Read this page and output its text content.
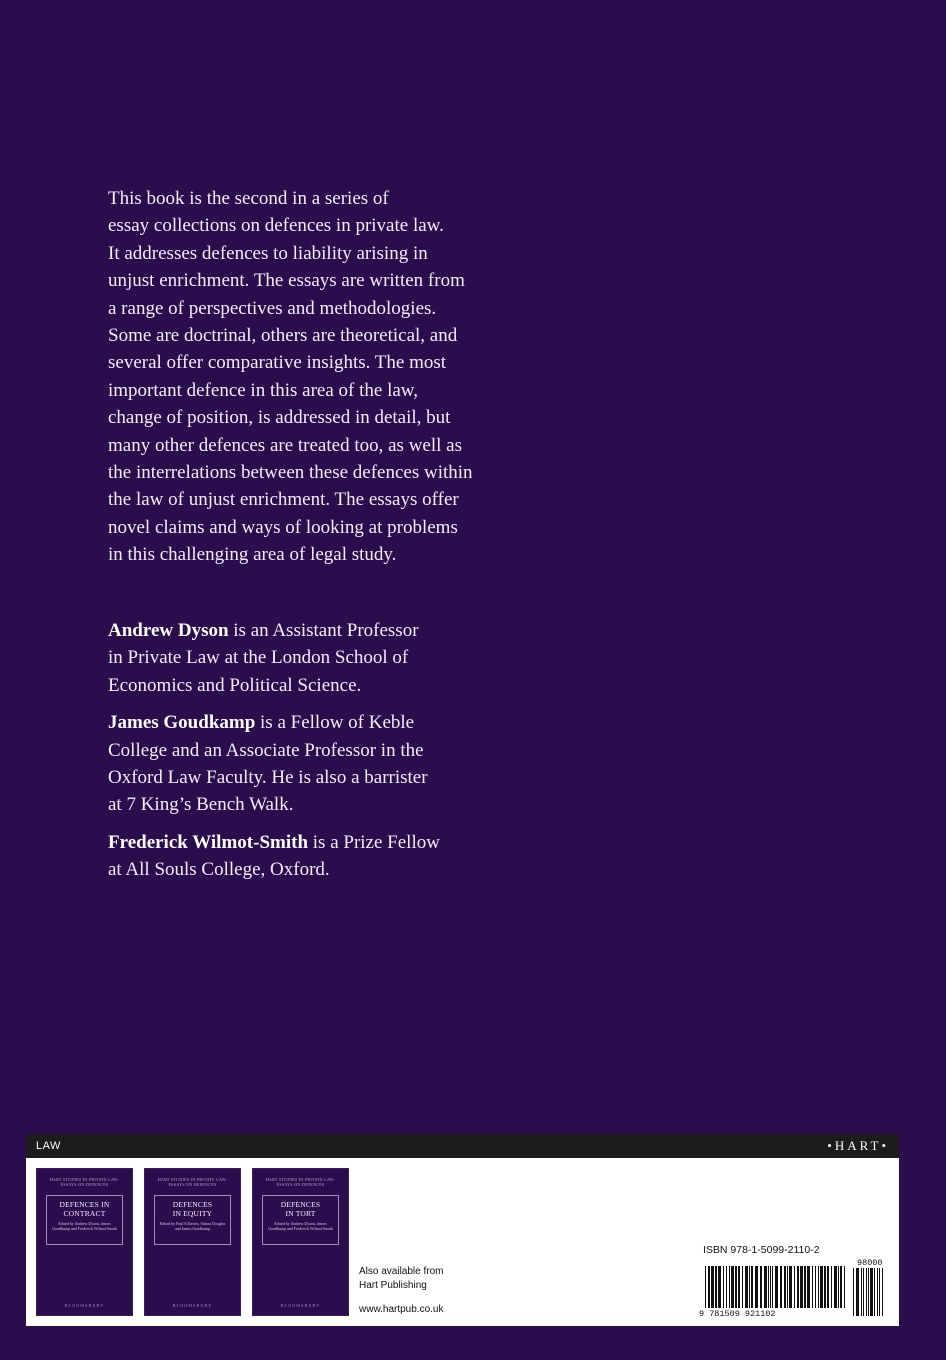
This book is the second in a series of
essay collections on defences in private law.
It addresses defences to liability arising in
unjust enrichment. The essays are written from
a range of perspectives and methodologies.
Some are doctrinal, others are theoretical, and
several offer comparative insights. The most
important defence in this area of the law,
change of position, is addressed in detail, but
many other defences are treated too, as well as
the interrelations between these defences within
the law of unjust enrichment. The essays offer
novel claims and ways of looking at problems
in this challenging area of legal study.
Andrew Dyson is an Assistant Professor
in Private Law at the London School of
Economics and Political Science.
James Goudkamp is a Fellow of Keble
College and an Associate Professor in the
Oxford Law Faculty. He is also a barrister
at 7 King’s Bench Walk.
Frederick Wilmot-Smith is a Prize Fellow
at All Souls College, Oxford.
LAW	•HART•
HART STUDIES IN PRIVATE LAW: ESSAYS ON DEFENCES
DEFENCES IN
CONTRACT
Edited by Andrew Dyson, James Goudkamp and Frederick Wilmot-Smith
BLOOMSBURY
HART STUDIES IN PRIVATE LAW: ESSAYS ON DEFENCES
DEFENCES
IN EQUITY
Edited by Paul S Davies, Simon Douglas and James Goudkamp
BLOOMSBURY
HART STUDIES IN PRIVATE LAW: ESSAYS ON DEFENCES
DEFENCES
IN TORT
Edited by Andrew Dyson, James Goudkamp and Frederick Wilmot-Smith
BLOOMSBURY
Also available from
Hart Publishing
www.hartpub.co.uk
ISBN 978-1-5099-2110-2
9 781509 921102
98000
